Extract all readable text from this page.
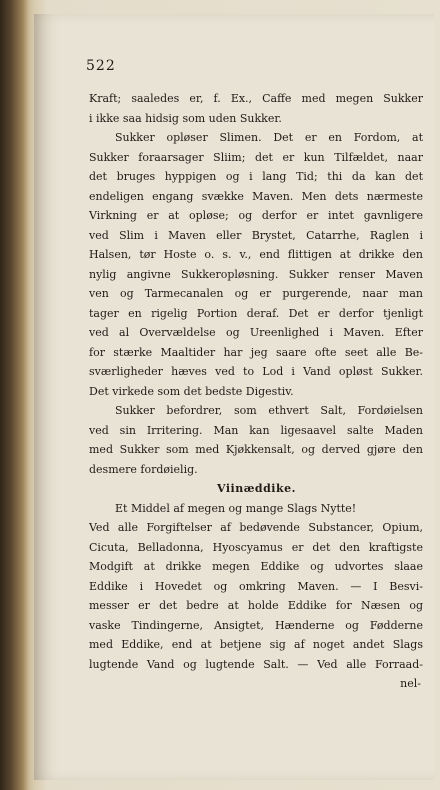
522
Kraft; saaledes er, f. Ex., Caffe med megen Sukker
i ikke saa hidsig som uden Sukker.
Sukker opløser Slimen. Det er en Fordom, at
Sukker foraarsager Sliim; det er kun Tilfældet, naar
det bruges hyppigen og i lang Tid; thi da kan det
endeligen engang svække Maven. Men dets nærmeste
Virkning er at opløse; og derfor er intet gavnligere
ved Slim i Maven eller Brystet, Catarrhe, Raglen i
Halsen, tør Hoste o. s. v., end flittigen at drikke den
nylig angivne Sukkeropløsning. Sukker renser Maven
ven og Tarmecanalen og er purgerende, naar man
tager en rigelig Portion deraf. Det er derfor tjenligt
ved al Overvældelse og Ureenlighed i Maven. Efter
for stærke Maaltider har jeg saare ofte seet alle Be-
sværligheder hæves ved to Lod i Vand opløst Sukker.
Det virkede som det bedste Digestiv.
Sukker befordrer, som ethvert Salt, Fordøielsen
ved sin Irritering. Man kan ligesaavel salte Maden
med Sukker som med Kjøkkensalt, og derved gjøre den
desmere fordøielig.
Viinæddike.
Et Middel af megen og mange Slags Nytte!
Ved alle Forgiftelser af bedøvende Substancer, Opium,
Cicuta, Belladonna, Hyoscyamus er det den kraftigste
Modgift at drikke megen Eddike og udvortes slaae
Eddike i Hovedet og omkring Maven. — I Besvi-
messer er det bedre at holde Eddike for Næsen og
vaske Tindingerne, Ansigtet, Hænderne og Fødderne
med Eddike, end at betjene sig af noget andet Slags
lugtende Vand og lugtende Salt. — Ved alle Forraad-
nel-
